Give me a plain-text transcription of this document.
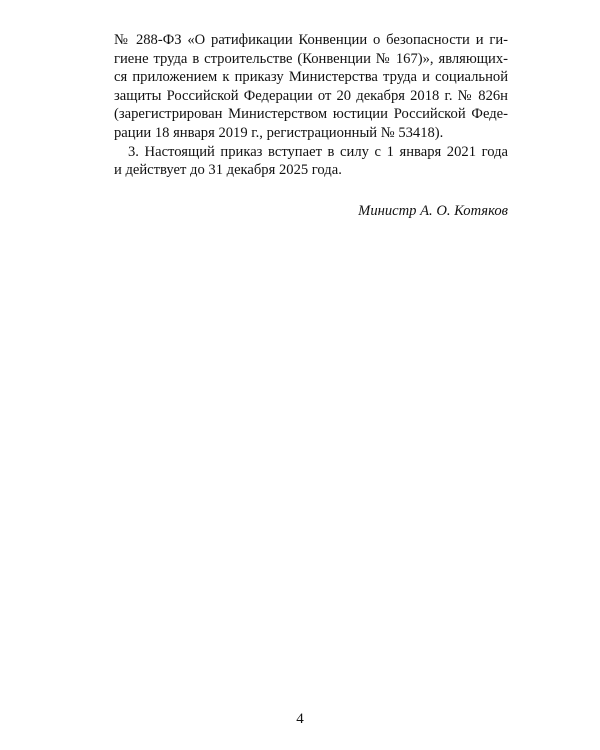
№ 288-ФЗ «О ратификации Конвенции о безопасности и ги-
гиене труда в строительстве (Конвенции № 167)», являющих-
ся приложением к приказу Министерства труда и социальной
защиты Российской Федерации от 20 декабря 2018 г. № 826н
(зарегистрирован Министерством юстиции Российской Феде-
рации 18 января 2019 г., регистрационный № 53418).
3. Настоящий приказ вступает в силу с 1 января 2021 года
и действует до 31 декабря 2025 года.
Министр А. О. Котяков
4
